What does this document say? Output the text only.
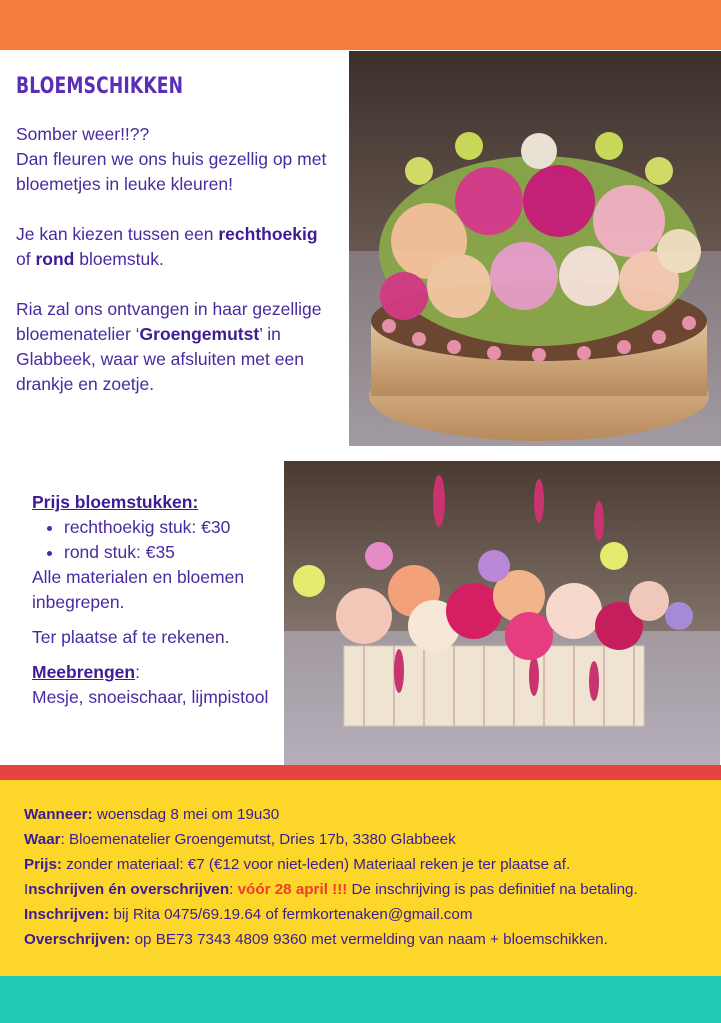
BLOEMSCHIKKEN

Somber weer!!??
Dan fleuren we ons huis gezellig op met bloemetjes in leuke kleuren!

Je kan kiezen tussen een rechthoekig
of rond bloemstuk.

Ria zal ons ontvangen in haar gezellige bloemenatelier ‘Groengemutst’ in Glabbeek, waar we afsluiten met een drankje en zoetje.

Prijs bloemstukken:

• rechthoekig stuk: €30
• rond stuk: €35

Alle materialen en bloemen inbegrepen.

Ter plaatse af te rekenen.

Meebrengen:

Mesje, snoeischaar, lijmpistool

Wanneer: woensdag 8 mei om 19u30
Waar: Bloemenatelier Groengemutst, Dries 17b, 3380 Glabbeek
Prijs: zonder materiaal: €7 (€12 voor niet-leden) Materiaal reken je ter plaatse af.
Inschrijven én overschrijven: vóór 28 april !!! De inschrijving is pas definitief na betaling.
Inschrijven: bij Rita 0475/69.19.64 of fermkortenaken@gmail.com
Overschrijven: op BE73 7343 4809 9360 met vermelding van naam + bloemschikken.
